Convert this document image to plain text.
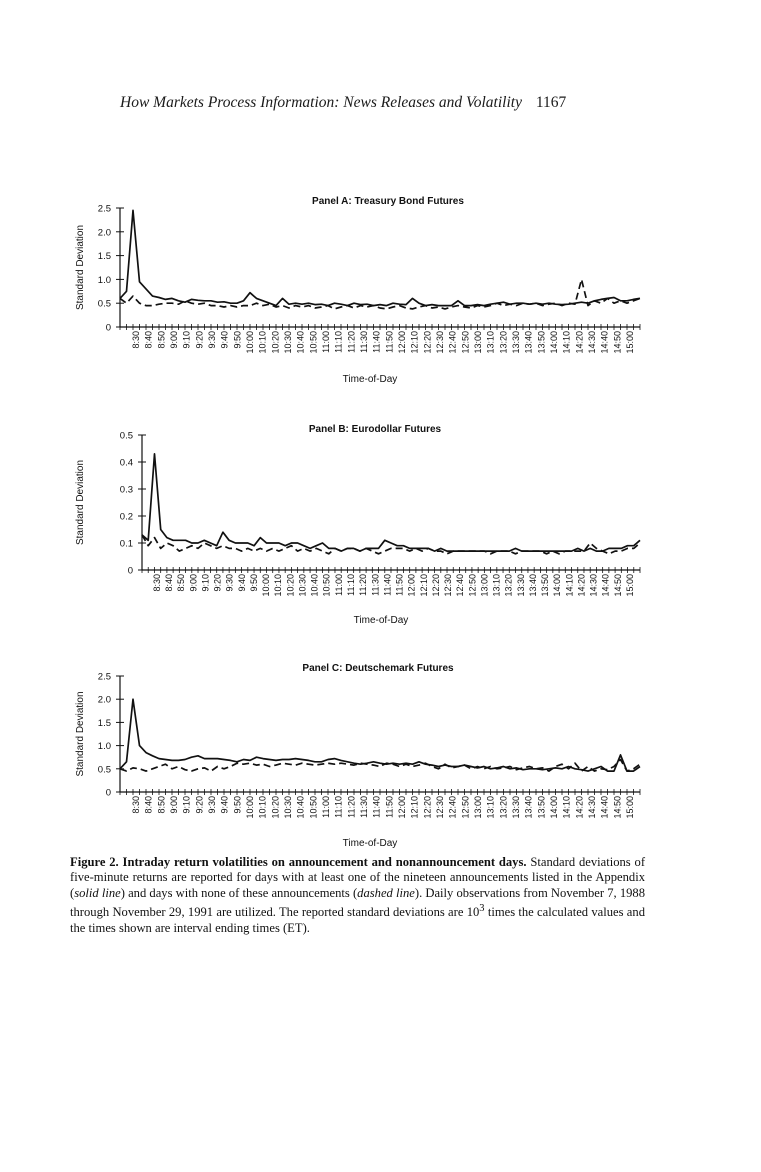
How Markets Process Information: News Releases and Volatility 1167
Panel A: Treasury Bond Futures
0
0.5
1.0
1.5
2.0
2.5
Standard Deviation
8:30 8:40 8:50 9:00 9:10 9:20 9:30 9:40 9:50 10:00 10:10 10:20 10:30 10:40 10:50 11:00 11:10 11:20 11:30 11:40 11:50 12:00 12:10 12:20 12:30 12:40 12:50 13:00 13:10 13:20 13:30 13:40 13:50 14:00 14:10 14:20 14:30 14:40 14:50 15:00
Time-of-Day
Panel B: Eurodollar Futures
0
0.1
0.2
0.3
0.4
0.5
Standard Deviation
8:30 8:40 8:50 9:00 9:10 9:20 9:30 9:40 9:50 10:00 10:10 10:20 10:30 10:40 10:50 11:00 11:10 11:20 11:30 11:40 11:50 12:00 12:10 12:20 12:30 12:40 12:50 13:00 13:10 13:20 13:30 13:40 13:50 14:00 14:10 14:20 14:30 14:40 14:50 15:00
Time-of-Day
Panel C: Deutschemark Futures
0
0.5
1.0
1.5
2.0
2.5
Standard Deviation
8:30 8:40 8:50 9:00 9:10 9:20 9:30 9:40 9:50 10:00 10:10 10:20 10:30 10:40 10:50 11:00 11:10 11:20 11:30 11:40 11:50 12:00 12:10 12:20 12:30 12:40 12:50 13:00 13:10 13:20 13:30 13:40 13:50 14:00 14:10 14:20 14:30 14:40 14:50 15:00
Time-of-Day
Figure 2. Intraday return volatilities on announcement and nonannouncement days. Standard deviations of five-minute returns are reported for days with at least one of the nineteen announcements listed in the Appendix (solid line) and days with none of these announcements (dashed line). Daily observations from November 7, 1988 through November 29, 1991 are utilized. The reported standard deviations are $10^3$ times the calculated values and the times shown are interval ending times (ET).
